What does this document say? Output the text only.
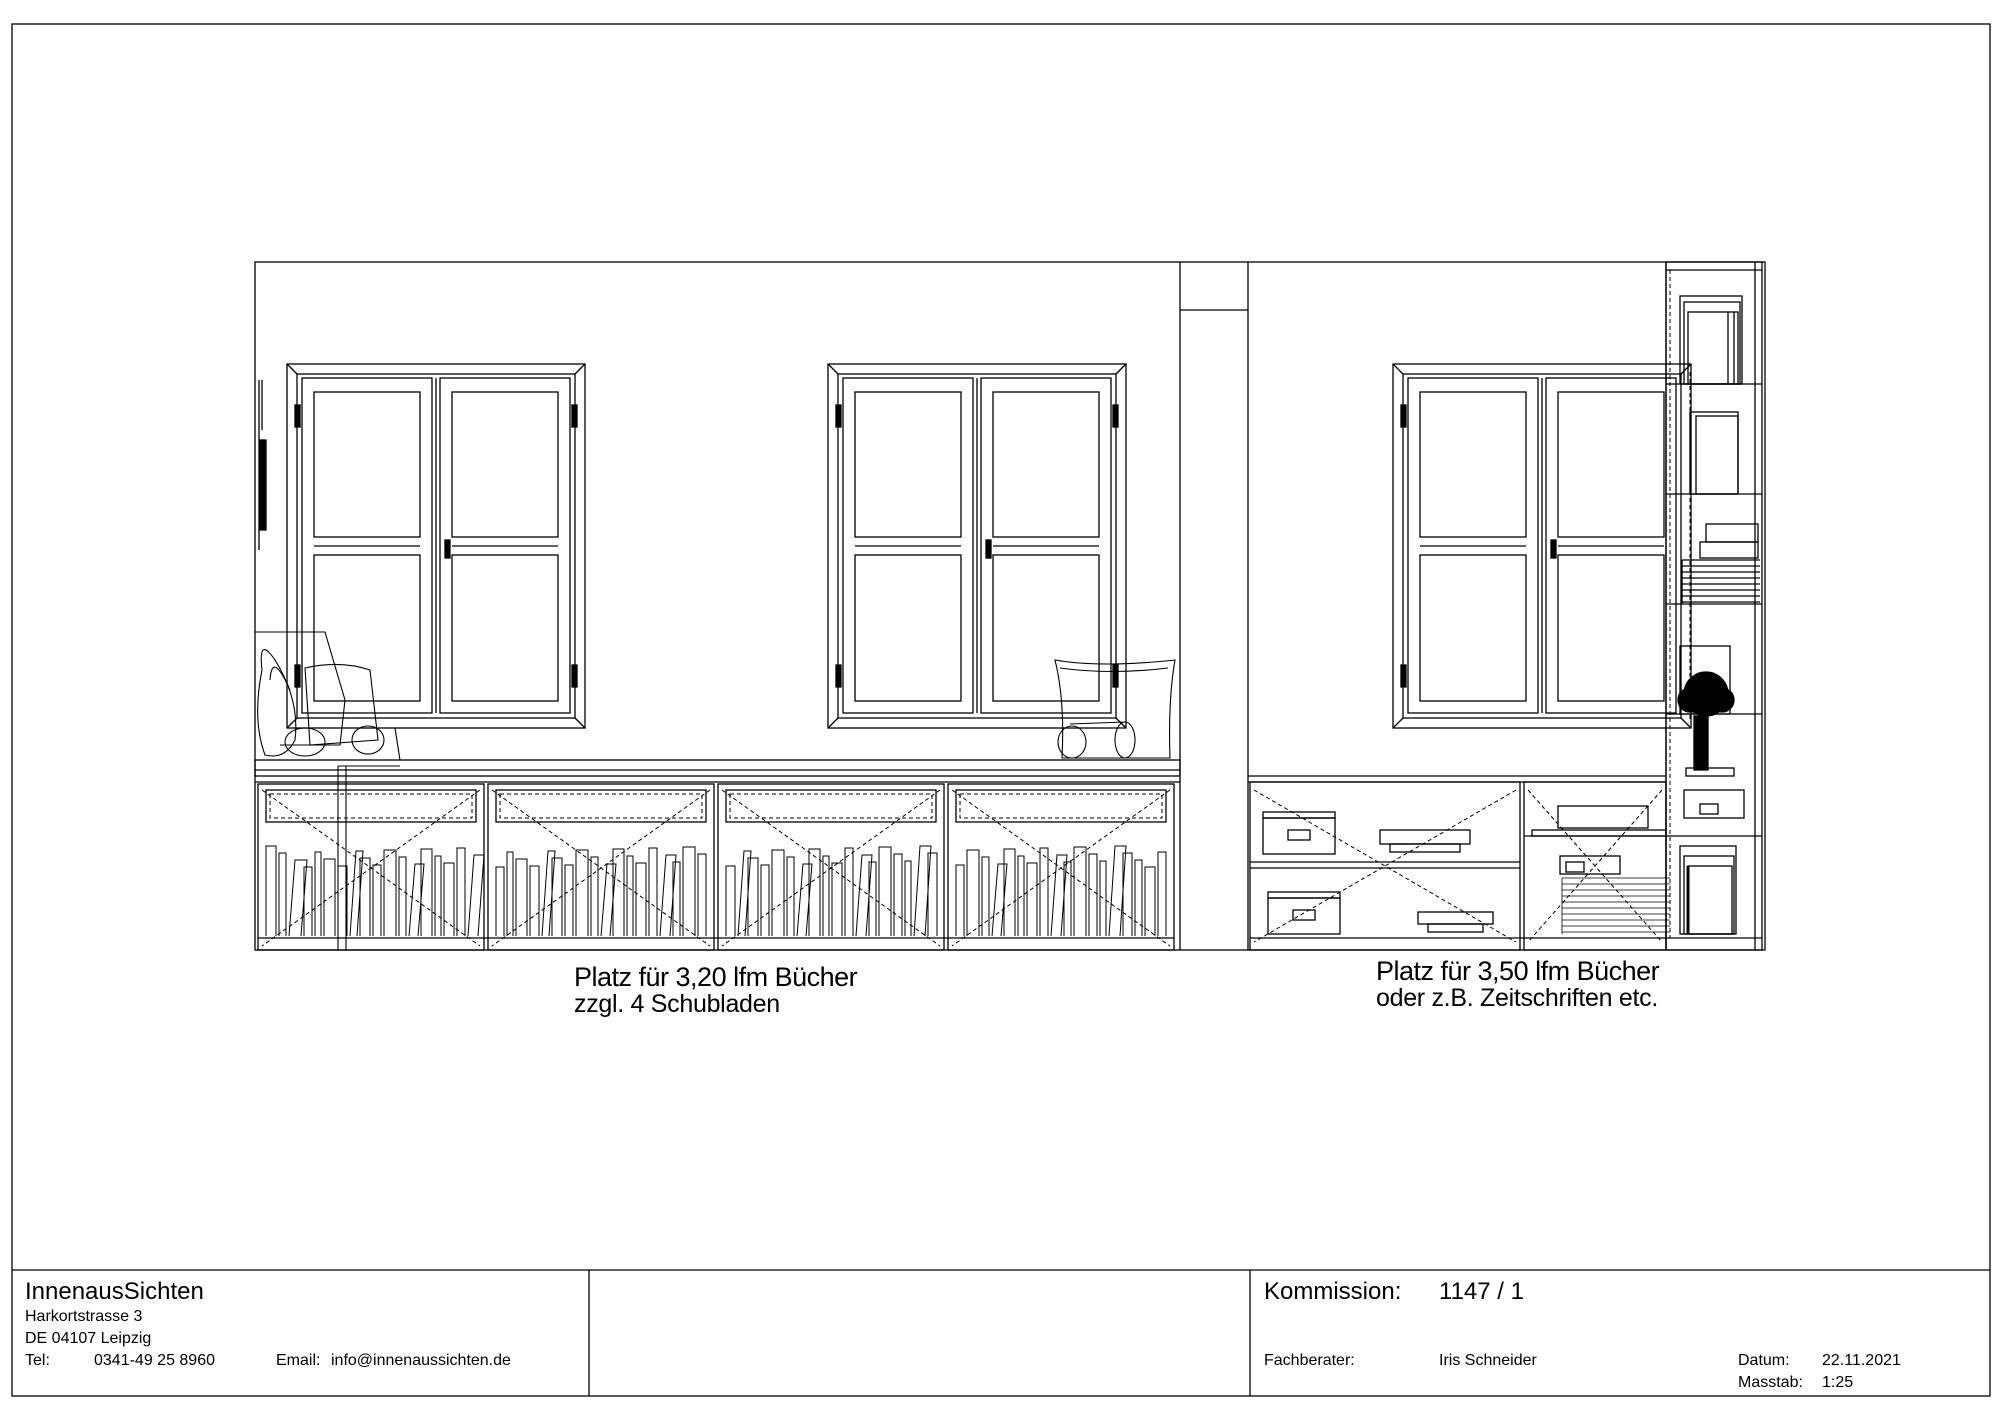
Platz für 3,20 lfm Bücher
zzgl. 4 Schubladen
Platz für 3,50 lfm Bücher
oder z.B. Zeitschriften etc.
InnenausSichten
Harkortstrasse 3
DE 04107 Leipzig
Tel:	0341-49 25 8960	Email: info@innenaussichten.de
Kommission: 1147 / 1
Fachberater:	Iris Schneider	Datum: 22.11.2021
Masstab: 1:25
